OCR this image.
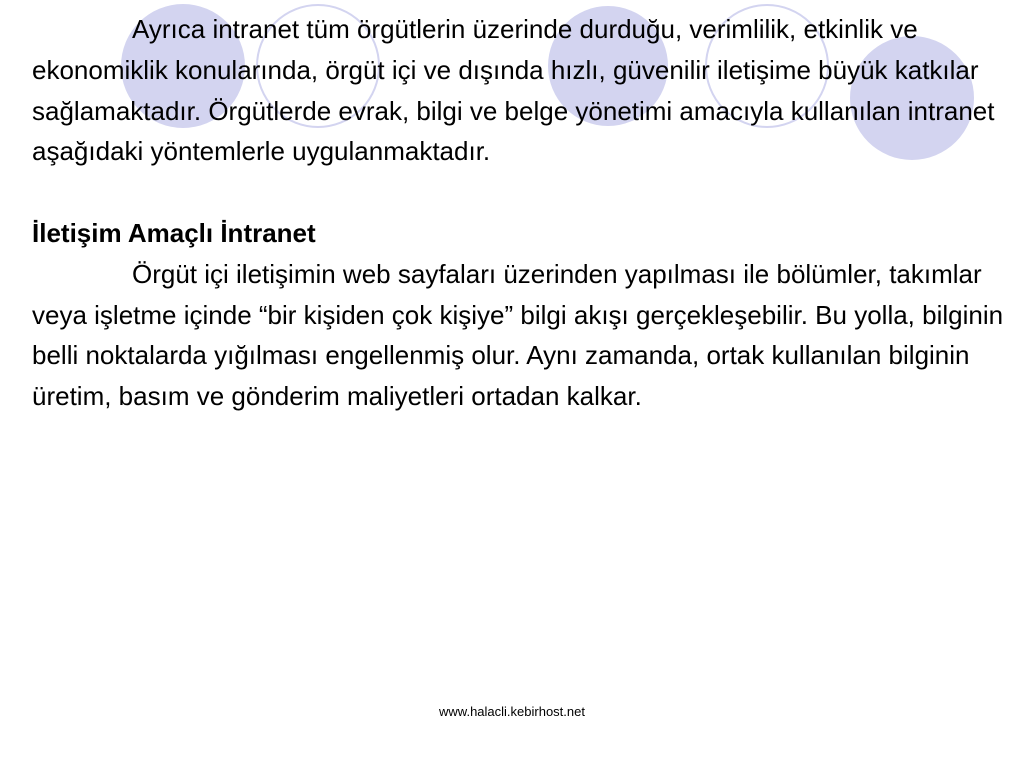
Ayrıca intranet tüm örgütlerin üzerinde durduğu, verimlilik, etkinlik ve ekonomiklik konularında, örgüt içi ve dışında hızlı, güvenilir iletişime büyük katkılar sağlamaktadır. Örgütlerde evrak, bilgi ve belge yönetimi amacıyla kullanılan intranet aşağıdaki yöntemlerle uygulanmaktadır.

İletişim Amaçlı İntranet

Örgüt içi iletişimin web sayfaları üzerinden yapılması ile bölümler, takımlar veya işletme içinde “bir kişiden çok kişiye” bilgi akışı gerçekleşebilir. Bu yolla, bilginin belli noktalarda yığılması engellenmiş olur. Aynı zamanda, ortak kullanılan bilginin üretim, basım ve gönderim maliyetleri ortadan kalkar.

www.halacli.kebirhost.net
